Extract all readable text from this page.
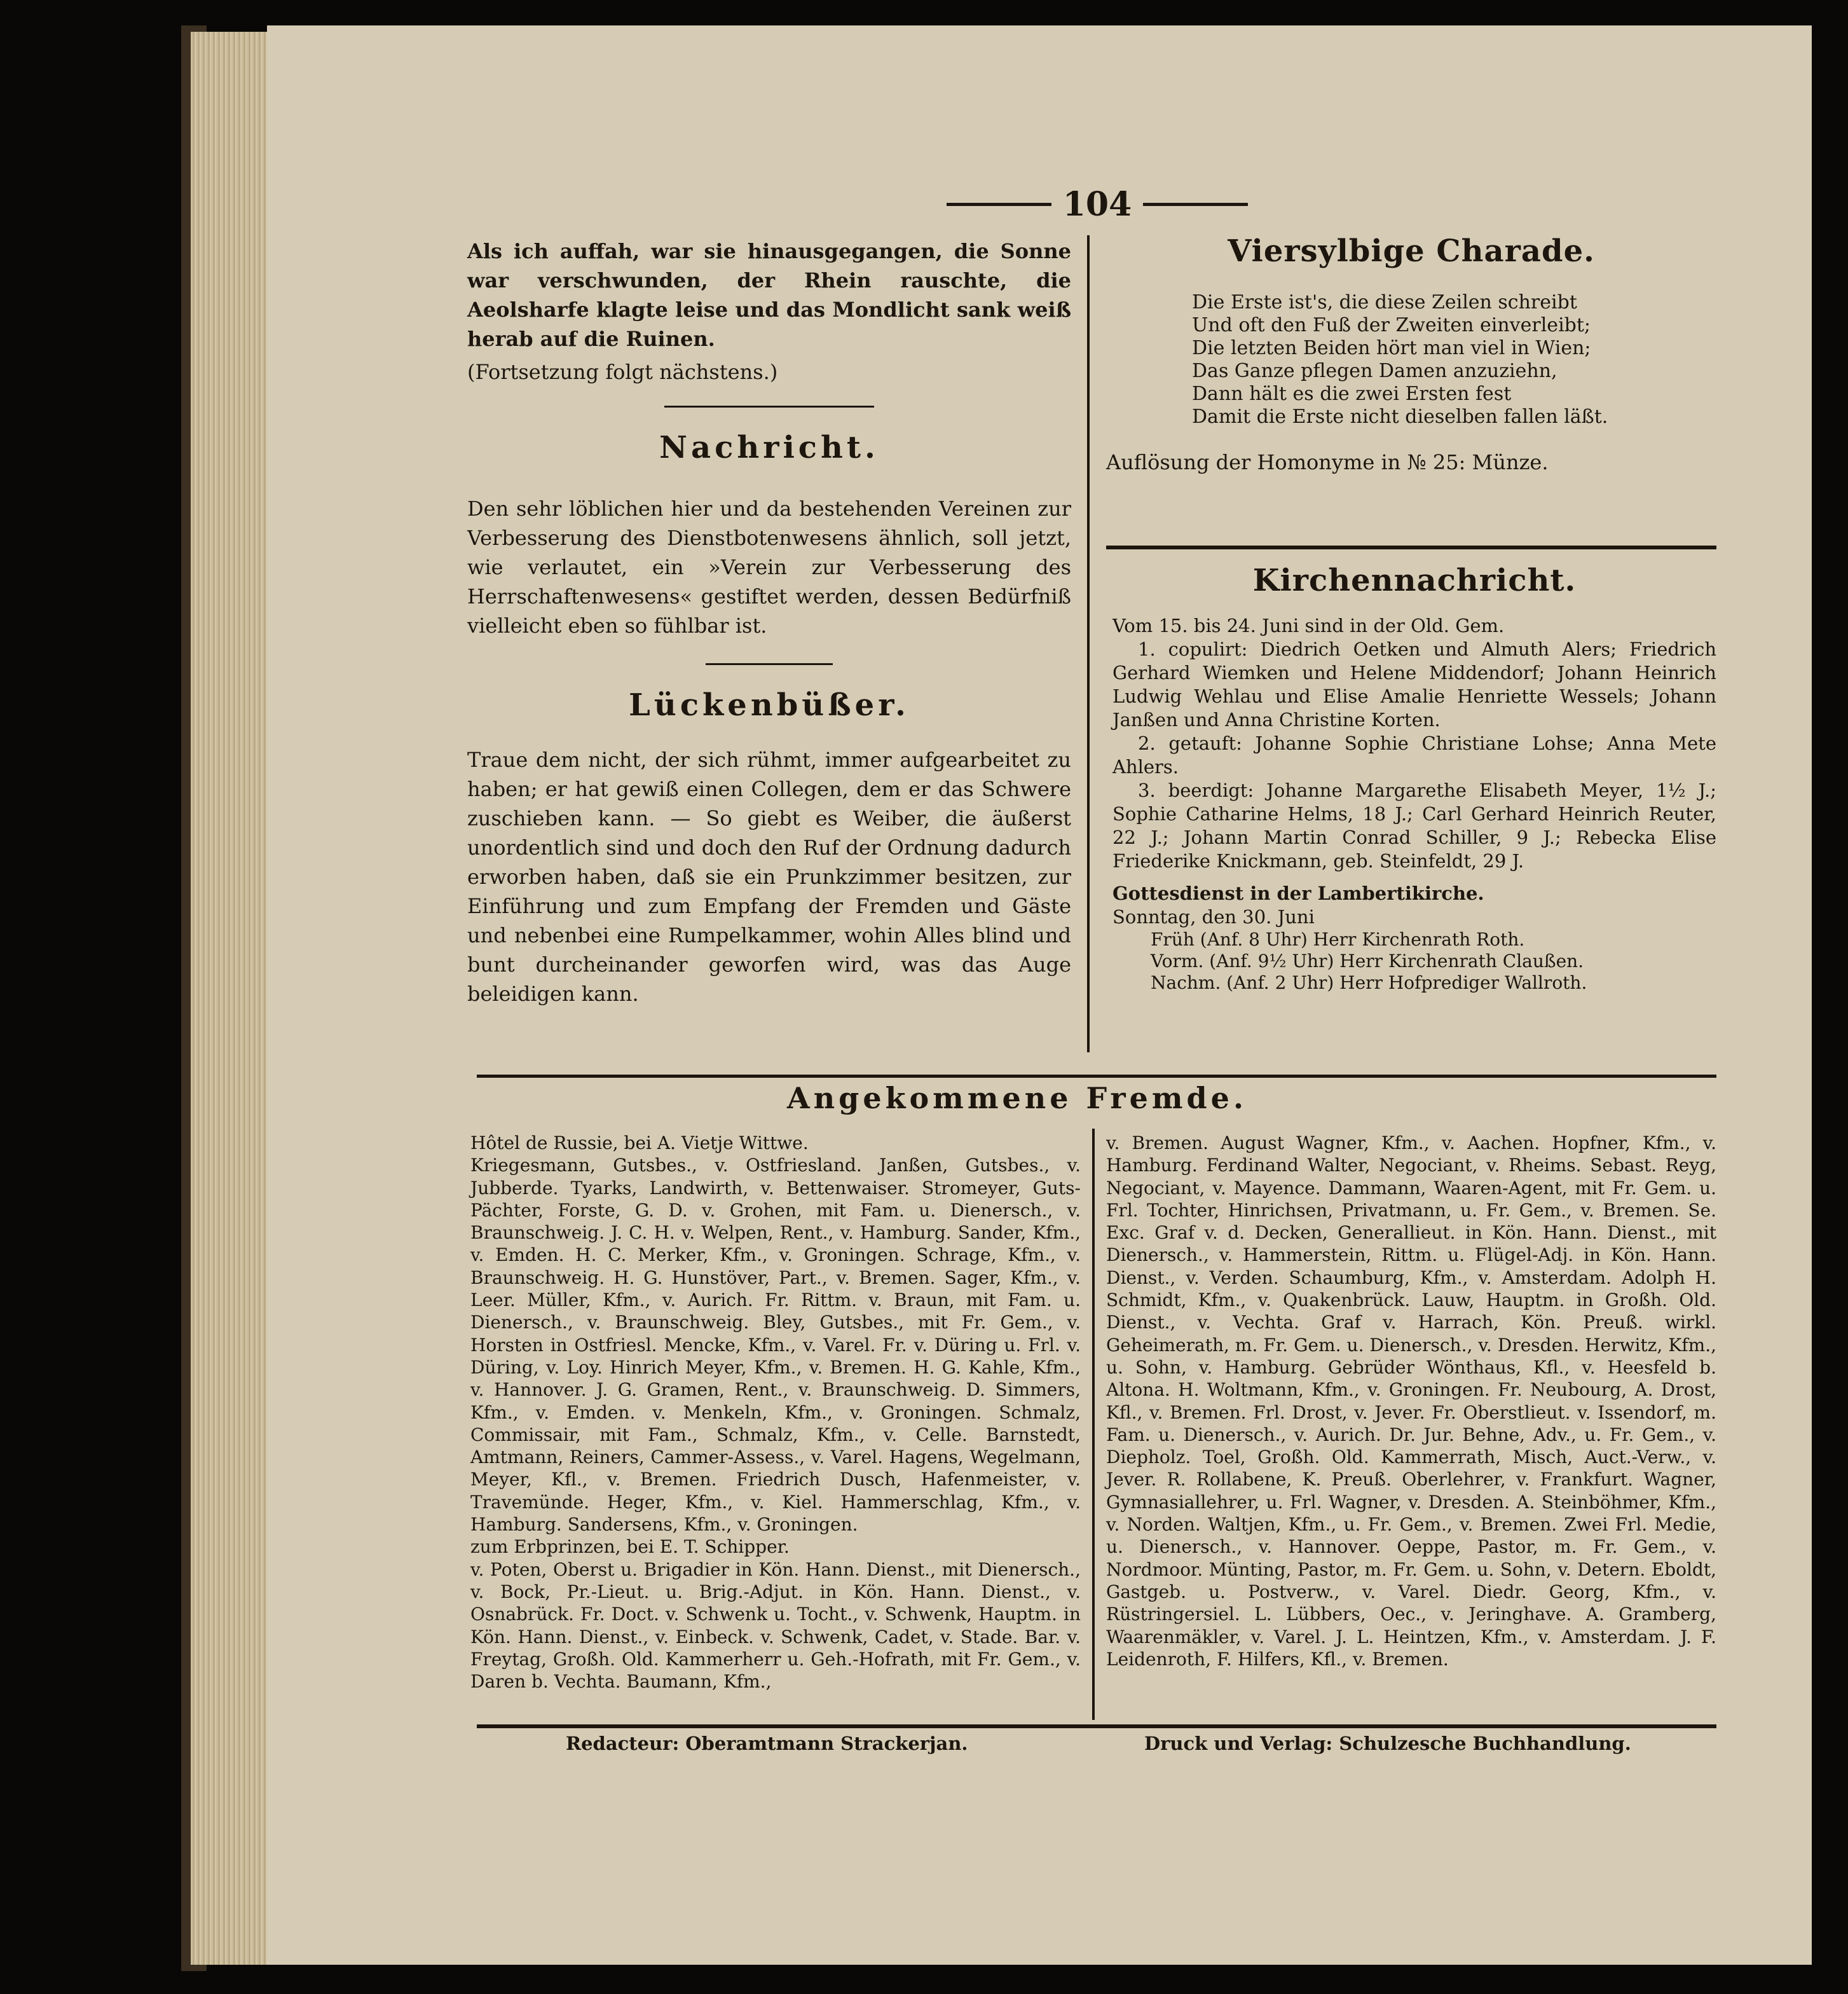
104

Als ich auffah, war sie hinausgegangen, die Sonne war verschwunden, der Rhein rauschte, die Aeolsharfe klagte leise und das Mondlicht sank weiß herab auf die Ruinen.

(Fortsetzung folgt nächstens.)

Nachricht.

Den sehr löblichen hier und da bestehenden Vereinen zur Verbesserung des Dienstbotenwesens ähnlich, soll jetzt, wie verlautet, ein »Verein zur Verbesserung des Herrschaftenwesens« gestiftet werden, dessen Bedürfniß vielleicht eben so fühlbar ist.

Lückenbüßer.

Traue dem nicht, der sich rühmt, immer aufgearbeitet zu haben; er hat gewiß einen Collegen, dem er das Schwere zuschieben kann. — So giebt es Weiber, die äußerst unordentlich sind und doch den Ruf der Ordnung dadurch erworben haben, daß sie ein Prunkzimmer besitzen, zur Einführung und zum Empfang der Fremden und Gäste und nebenbei eine Rumpelkammer, wohin Alles blind und bunt durcheinander geworfen wird, was das Auge beleidigen kann.

Viersylbige Charade.
Die Erste ist's, die diese Zeilen schreibt
Und oft den Fuß der Zweiten einverleibt;
Die letzten Beiden hört man viel in Wien;
Das Ganze pflegen Damen anzuziehn,
Dann hält es die zwei Ersten fest
Damit die Erste nicht dieselben fallen läßt.

Auflösung der Homonyme in № 25: Münze.

Kirchennachricht.

Vom 15. bis 24. Juni sind in der Old. Gem.

1. copulirt: Diedrich Oetken und Almuth Alers; Friedrich Gerhard Wiemken und Helene Middendorf; Johann Heinrich Ludwig Wehlau und Elise Amalie Henriette Wessels; Johann Janßen und Anna Christine Korten.

2. getauft: Johanne Sophie Christiane Lohse; Anna Mete Ahlers.

3. beerdigt: Johanne Margarethe Elisabeth Meyer, 1½ J.; Sophie Catharine Helms, 18 J.; Carl Gerhard Heinrich Reuter, 22 J.; Johann Martin Conrad Schiller, 9 J.; Rebecka Elise Friederike Knickmann, geb. Steinfeldt, 29 J.

Gottesdienst in der Lambertikirche.

Sonntag, den 30. Juni

Früh (Anf. 8 Uhr) Herr Kirchenrath Roth.
Vorm. (Anf. 9½ Uhr) Herr Kirchenrath Claußen.
Nachm. (Anf. 2 Uhr) Herr Hofprediger Wallroth.
Angekommene Fremde.

Hôtel de Russie, bei A. Vietje Wittwe.

Kriegesmann, Gutsbes., v. Ostfriesland. Janßen, Gutsbes., v. Jubberde. Tyarks, Landwirth, v. Bettenwaiser. Stromeyer, Guts-Pächter, Forste, G. D. v. Grohen, mit Fam. u. Dienersch., v. Braunschweig. J. C. H. v. Welpen, Rent., v. Hamburg. Sander, Kfm., v. Emden. H. C. Merker, Kfm., v. Groningen. Schrage, Kfm., v. Braunschweig. H. G. Hunstöver, Part., v. Bremen. Sager, Kfm., v. Leer. Müller, Kfm., v. Aurich. Fr. Rittm. v. Braun, mit Fam. u. Dienersch., v. Braunschweig. Bley, Gutsbes., mit Fr. Gem., v. Horsten in Ostfriesl. Mencke, Kfm., v. Varel. Fr. v. Düring u. Frl. v. Düring, v. Loy. Hinrich Meyer, Kfm., v. Bremen. H. G. Kahle, Kfm., v. Hannover. J. G. Gramen, Rent., v. Braunschweig. D. Simmers, Kfm., v. Emden. v. Menkeln, Kfm., v. Groningen. Schmalz, Commissair, mit Fam., Schmalz, Kfm., v. Celle. Barnstedt, Amtmann, Reiners, Cammer-Assess., v. Varel. Hagens, Wegelmann, Meyer, Kfl., v. Bremen. Friedrich Dusch, Hafenmeister, v. Travemünde. Heger, Kfm., v. Kiel. Hammerschlag, Kfm., v. Hamburg. Sandersens, Kfm., v. Groningen.

zum Erbprinzen, bei E. T. Schipper.

v. Poten, Oberst u. Brigadier in Kön. Hann. Dienst., mit Dienersch., v. Bock, Pr.-Lieut. u. Brig.-Adjut. in Kön. Hann. Dienst., v. Osnabrück. Fr. Doct. v. Schwenk u. Tocht., v. Schwenk, Hauptm. in Kön. Hann. Dienst., v. Einbeck. v. Schwenk, Cadet, v. Stade. Bar. v. Freytag, Großh. Old. Kammerherr u. Geh.-Hofrath, mit Fr. Gem., v. Daren b. Vechta. Baumann, Kfm.,

v. Bremen. August Wagner, Kfm., v. Aachen. Hopfner, Kfm., v. Hamburg. Ferdinand Walter, Negociant, v. Rheims. Sebast. Reyg, Negociant, v. Mayence. Dammann, Waaren-Agent, mit Fr. Gem. u. Frl. Tochter, Hinrichsen, Privatmann, u. Fr. Gem., v. Bremen. Se. Exc. Graf v. d. Decken, Generallieut. in Kön. Hann. Dienst., mit Dienersch., v. Hammerstein, Rittm. u. Flügel-Adj. in Kön. Hann. Dienst., v. Verden. Schaumburg, Kfm., v. Amsterdam. Adolph H. Schmidt, Kfm., v. Quakenbrück. Lauw, Hauptm. in Großh. Old. Dienst., v. Vechta. Graf v. Harrach, Kön. Preuß. wirkl. Geheimerath, m. Fr. Gem. u. Dienersch., v. Dresden. Herwitz, Kfm., u. Sohn, v. Hamburg. Gebrüder Wönthaus, Kfl., v. Heesfeld b. Altona. H. Woltmann, Kfm., v. Groningen. Fr. Neubourg, A. Drost, Kfl., v. Bremen. Frl. Drost, v. Jever. Fr. Oberstlieut. v. Issendorf, m. Fam. u. Dienersch., v. Aurich. Dr. Jur. Behne, Adv., u. Fr. Gem., v. Diepholz. Toel, Großh. Old. Kammerrath, Misch, Auct.-Verw., v. Jever. R. Rollabene, K. Preuß. Oberlehrer, v. Frankfurt. Wagner, Gymnasiallehrer, u. Frl. Wagner, v. Dresden. A. Steinböhmer, Kfm., v. Norden. Waltjen, Kfm., u. Fr. Gem., v. Bremen. Zwei Frl. Medie, u. Dienersch., v. Hannover. Oeppe, Pastor, m. Fr. Gem., v. Nordmoor. Münting, Pastor, m. Fr. Gem. u. Sohn, v. Detern. Eboldt, Gastgeb. u. Postverw., v. Varel. Diedr. Georg, Kfm., v. Rüstringersiel. L. Lübbers, Oec., v. Jeringhave. A. Gramberg, Waarenmäkler, v. Varel. J. L. Heintzen, Kfm., v. Amsterdam. J. F. Leidenroth, F. Hilfers, Kfl., v. Bremen.

Redacteur: Oberamtmann Strackerjan.	Druck und Verlag: Schulzesche Buchhandlung.
